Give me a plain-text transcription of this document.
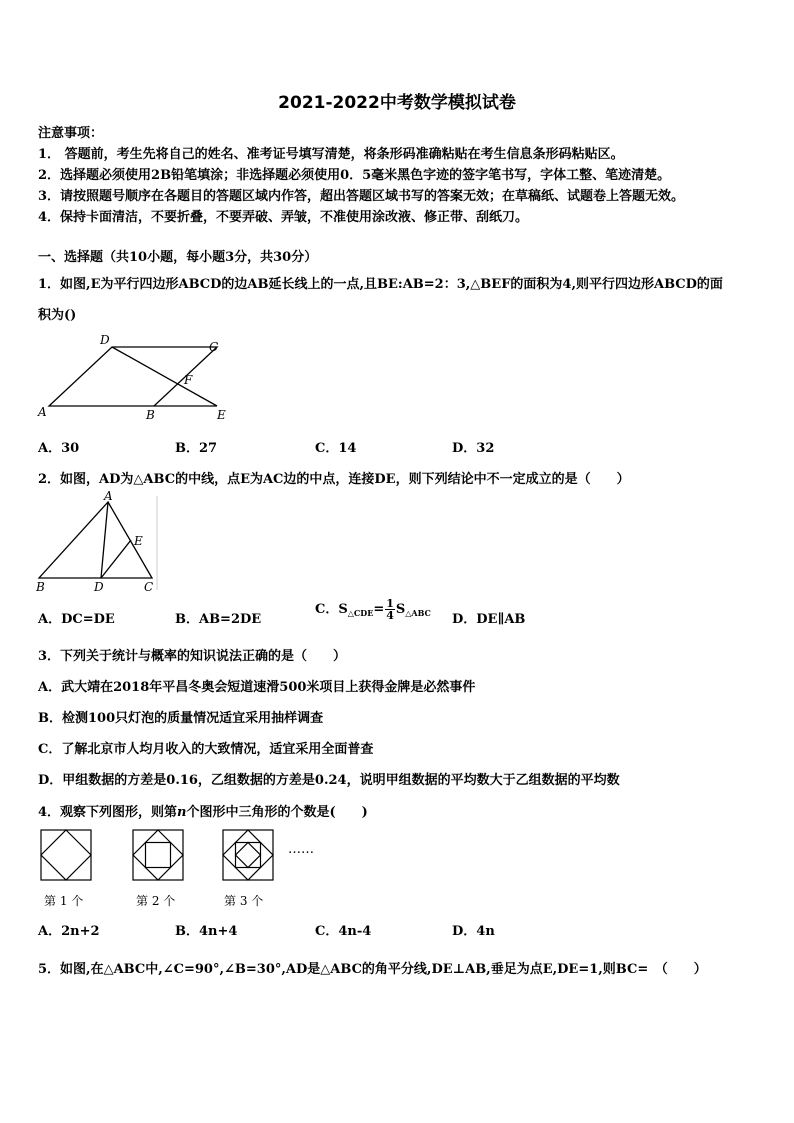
2021-2022中考数学模拟试卷
注意事项：
1． 答题前，考生先将自己的姓名、准考证号填写清楚，将条形码准确粘贴在考生信息条形码粘贴区。
2．选择题必须使用2B铅笔填涂；非选择题必须使用0．5毫米黑色字迹的签字笔书写，字体工整、笔迹清楚。
3．请按照题号顺序在各题目的答题区域内作答，超出答题区域书写的答案无效；在草稿纸、试题卷上答题无效。
4．保持卡面清洁，不要折叠，不要弄破、弄皱，不准使用涂改液、修正带、刮纸刀。
一、选择题（共10小题，每小题3分，共30分）
1．如图,E为平行四边形ABCD的边AB延长线上的一点,且BE:AB=2：3,△BEF的面积为4,则平行四边形ABCD的面
积为()
A
D	C
F
B	E
A．30	B．27	C．14	D．32
2．如图，AD为△ABC的中线，点E为AC边的中点，连接DE，则下列结论中不一定成立的是（　　）
A
E
B	D	C
A．DC=DE	B．AB=2DE
C．$S_{\triangle CDE}= \frac{1}{4} S_{\triangle ABC}$ D．DE∥AB
3．下列关于统计与概率的知识说法正确的是（　　）
A．武大靖在2018年平昌冬奥会短道速滑500米项目上获得金牌是必然事件
B．检测100只灯泡的质量情况适宜采用抽样调查
C．了解北京市人均月收入的大致情况，适宜采用全面普查
D．甲组数据的方差是0.16，乙组数据的方差是0.24，说明甲组数据的平均数大于乙组数据的平均数
4．观察下列图形，则第n个图形中三角形的个数是(　　)
……
第 1 个	第 2 个	第 3 个
A．2n+2	B．4n+4	C．4n-4	D．4n
5．如图,在△ABC中,∠C=90°,∠B=30°,AD是△ABC的角平分线,DE⊥AB,垂足为点E,DE=1,则BC=　（　　）
